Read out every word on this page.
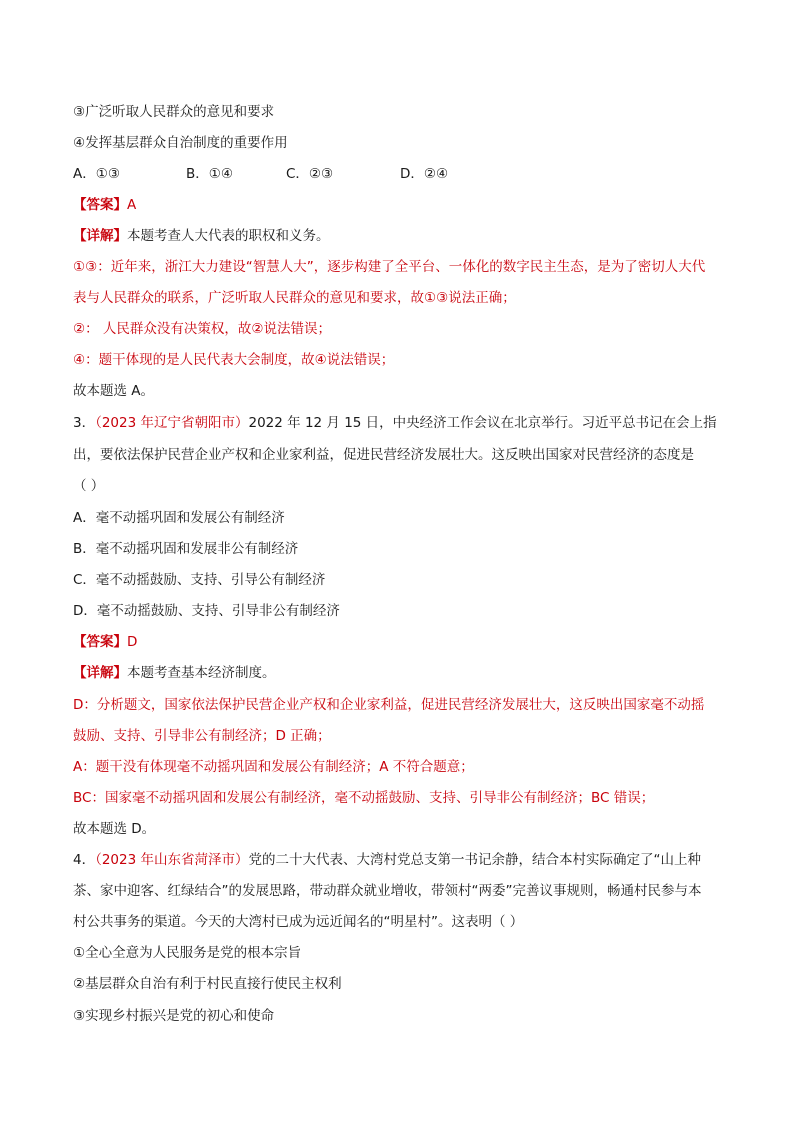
③广泛听取人民群众的意见和要求
④发挥基层群众自治制度的重要作用
A．①③	B．①④	C．②③	D．②④
【答案】A
【详解】本题考查人大代表的职权和义务。
①③：近年来，浙江大力建设“智慧人大”，逐步构建了全平台、一体化的数字民主生态，是为了密切人大代
表与人民群众的联系，广泛听取人民群众的意见和要求，故①③说法正确；
②： 人民群众没有决策权，故②说法错误；
④：题干体现的是人民代表大会制度，故④说法错误；
故本题选 A。
3．（2023 年辽宁省朝阳市）2022 年 12 月 15 日，中央经济工作会议在北京举行。习近平总书记在会上指
出，要依法保护民营企业产权和企业家利益，促进民营经济发展壮大。这反映出国家对民营经济的态度是
（ ）
A．毫不动摇巩固和发展公有制经济
B．毫不动摇巩固和发展非公有制经济
C．毫不动摇鼓励、支持、引导公有制经济
D．毫不动摇鼓励、支持、引导非公有制经济
【答案】D
【详解】本题考查基本经济制度。
D：分析题文，国家依法保护民营企业产权和企业家利益，促进民营经济发展壮大，这反映出国家毫不动摇
鼓励、支持、引导非公有制经济；D 正确；
A：题干没有体现毫不动摇巩固和发展公有制经济；A 不符合题意；
BC：国家毫不动摇巩固和发展公有制经济，毫不动摇鼓励、支持、引导非公有制经济；BC 错误；
故本题选 D。
4．（2023 年山东省菏泽市）党的二十大代表、大湾村党总支第一书记余静，结合本村实际确定了“山上种
茶、家中迎客、红绿结合”的发展思路，带动群众就业增收，带领村“两委”完善议事规则，畅通村民参与本
村公共事务的渠道。今天的大湾村已成为远近闻名的“明星村”。这表明（ ）
①全心全意为人民服务是党的根本宗旨
②基层群众自治有利于村民直接行使民主权利
③实现乡村振兴是党的初心和使命
